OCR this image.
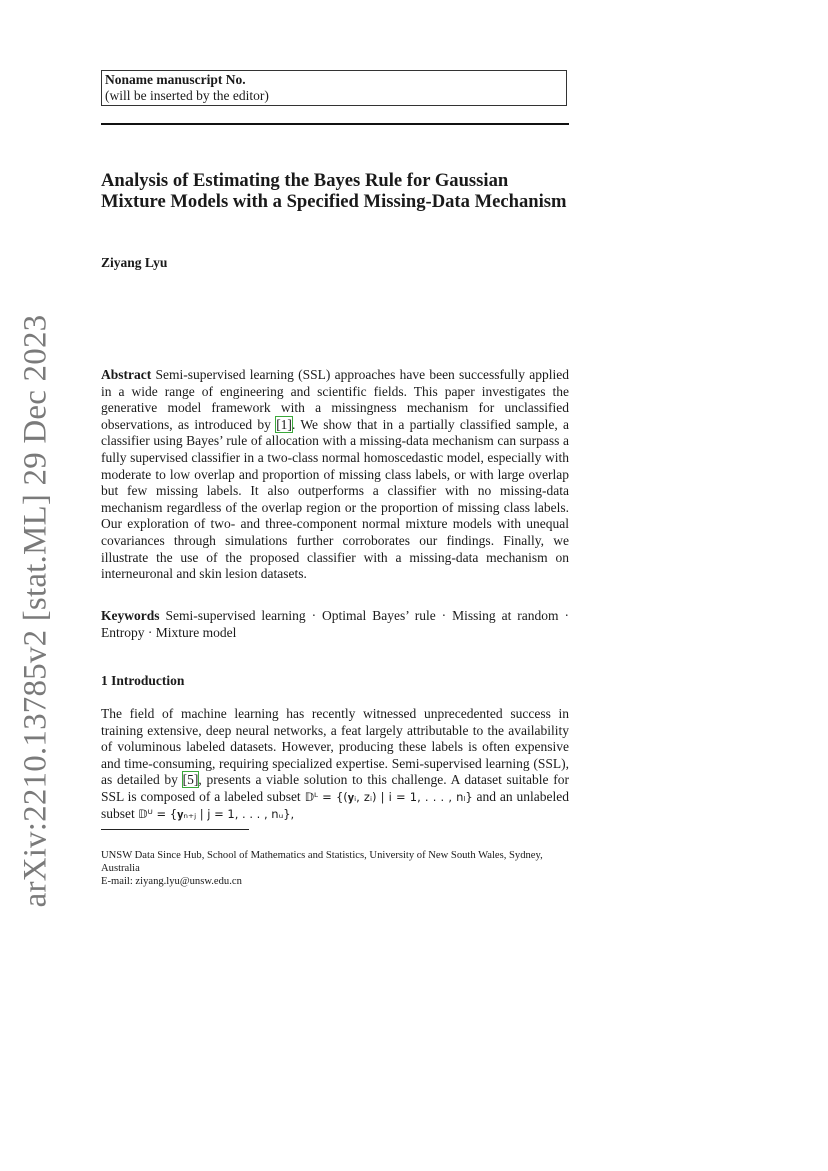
arXiv:2210.13785v2 [stat.ML] 29 Dec 2023
Noname manuscript No.
(will be inserted by the editor)
Analysis of Estimating the Bayes Rule for Gaussian Mixture Models with a Specified Missing-Data Mechanism
Ziyang Lyu
Abstract Semi-supervised learning (SSL) approaches have been successfully applied in a wide range of engineering and scientific fields. This paper investigates the generative model framework with a missingness mechanism for unclassified observations, as introduced by [1]. We show that in a partially classified sample, a classifier using Bayes’ rule of allocation with a missing-data mechanism can surpass a fully supervised classifier in a two-class normal homoscedastic model, especially with moderate to low overlap and proportion of missing class labels, or with large overlap but few missing labels. It also outperforms a classifier with no missing-data mechanism regardless of the overlap region or the proportion of missing class labels. Our exploration of two- and three-component normal mixture models with unequal covariances through simulations further corroborates our findings. Finally, we illustrate the use of the proposed classifier with a missing-data mechanism on interneuronal and skin lesion datasets.
Keywords Semi-supervised learning · Optimal Bayes’ rule · Missing at random · Entropy · Mixture model
1 Introduction
The field of machine learning has recently witnessed unprecedented success in training extensive, deep neural networks, a feat largely attributable to the availability of voluminous labeled datasets. However, producing these labels is often expensive and time-consuming, requiring specialized expertise. Semi-supervised learning (SSL), as detailed by [5], presents a viable solution to this challenge. A dataset suitable for SSL is composed of a labeled subset 𝔻ᴸ = {(𝐲ᵢ, zᵢ) | i = 1, . . . , nₗ} and an unlabeled subset 𝔻ᵁ = {𝐲ₙ₊ⱼ | j = 1, . . . , nᵤ},
UNSW Data Since Hub, School of Mathematics and Statistics, University of New South Wales, Sydney, Australia
E-mail: ziyang.lyu@unsw.edu.cn
